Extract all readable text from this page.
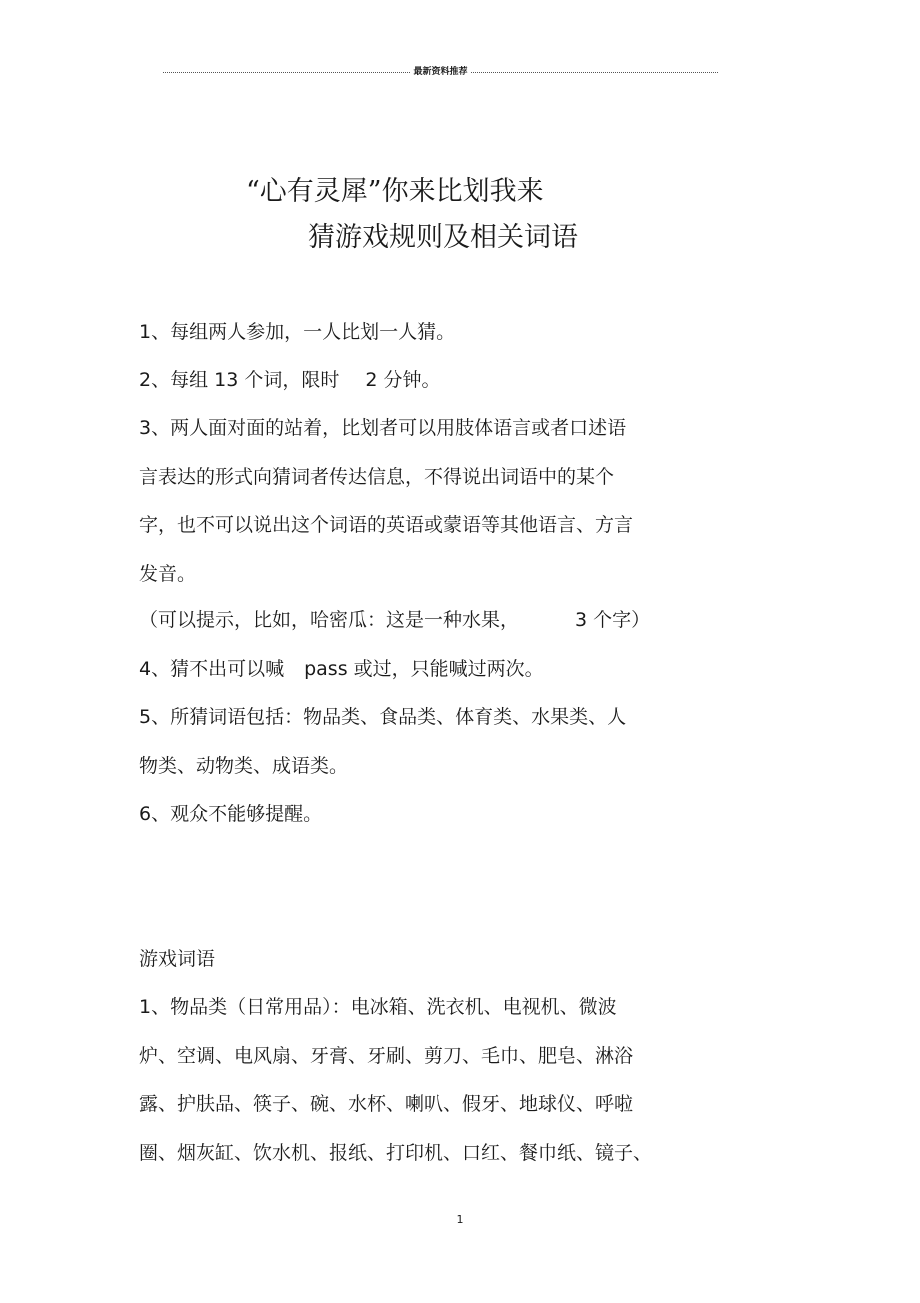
最新资料推荐
“心有灵犀”你来比划我来
猜游戏规则及相关词语
1、每组两人参加，一人比划一人猜。
2、每组 13 个词，限时 2 分钟。
3、两人面对面的站着，比划者可以用肢体语言或者口述语
言表达的形式向猜词者传达信息，不得说出词语中的某个
字，也不可以说出这个词语的英语或蒙语等其他语言、方言
发音。
（可以提示，比如，哈密瓜：这是一种水果，	3 个字）
4、猜不出可以喊 pass 或过，只能喊过两次。
5、所猜词语包括：物品类、食品类、体育类、水果类、人
物类、动物类、成语类。
6、观众不能够提醒。
游戏词语
1、物品类（日常用品）：电冰箱、洗衣机、电视机、微波
炉、空调、电风扇、牙膏、牙刷、剪刀、毛巾、肥皂、淋浴
露、护肤品、筷子、碗、水杯、喇叭、假牙、地球仪、呼啦
圈、烟灰缸、饮水机、报纸、打印机、口红、餐巾纸、镜子、
1
